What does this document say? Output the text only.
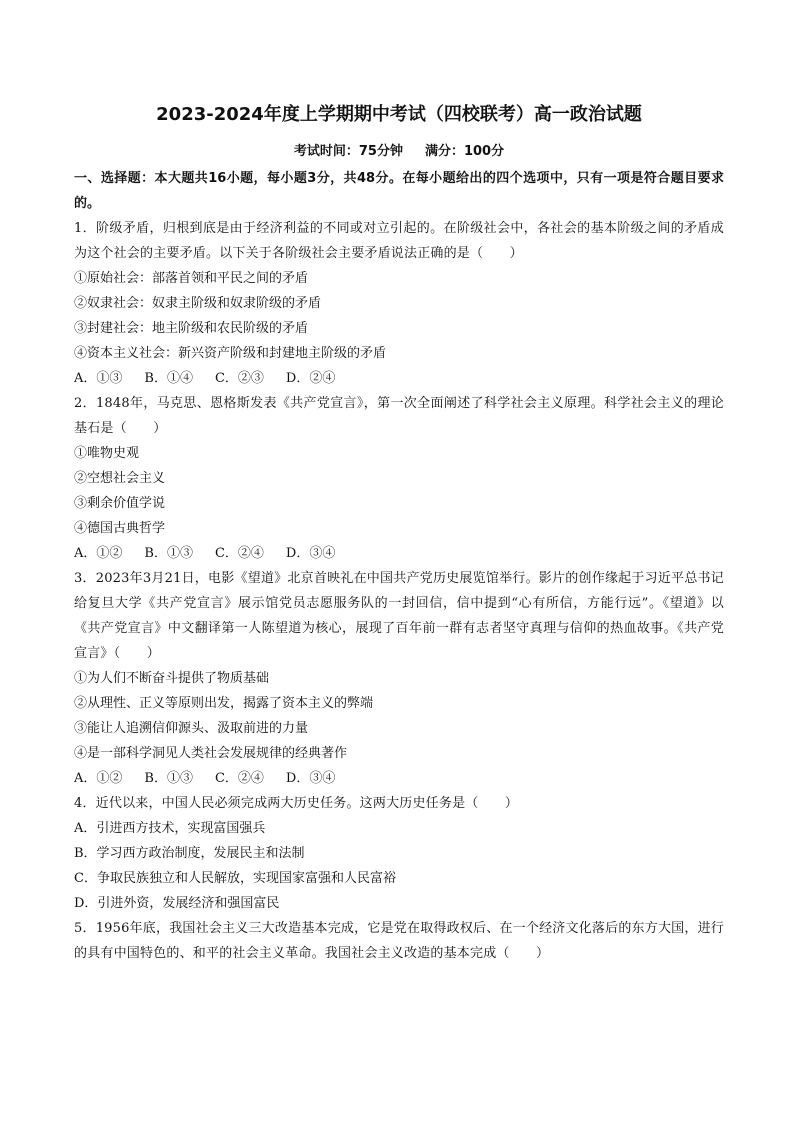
2023-2024年度上学期期中考试（四校联考）高一政治试题
考试时间：75分钟 满分：100分
一、选择题：本大题共16小题，每小题3分，共48分。在每小题给出的四个选项中，只有一项是符合题目要求的。
1．阶级矛盾，归根到底是由于经济利益的不同或对立引起的。在阶级社会中，各社会的基本阶级之间的矛盾成为这个社会的主要矛盾。以下关于各阶级社会主要矛盾说法正确的是（　　）
①原始社会：部落首领和平民之间的矛盾
②奴隶社会：奴隶主阶级和奴隶阶级的矛盾
③封建社会：地主阶级和农民阶级的矛盾
④资本主义社会：新兴资产阶级和封建地主阶级的矛盾
A．①③ B．①④ C．②③ D．②④
2．1848年，马克思、恩格斯发表《共产党宣言》，第一次全面阐述了科学社会主义原理。科学社会主义的理论基石是（　　）
①唯物史观
②空想社会主义
③剩余价值学说
④德国古典哲学
A．①② B．①③ C．②④ D．③④
3．2023年3月21日，电影《望道》北京首映礼在中国共产党历史展览馆举行。影片的创作缘起于习近平总书记给复旦大学《共产党宣言》展示馆党员志愿服务队的一封回信，信中提到“心有所信，方能行远”。《望道》以《共产党宣言》中文翻译第一人陈望道为核心，展现了百年前一群有志者坚守真理与信仰的热血故事。《共产党宣言》（　　）
①为人们不断奋斗提供了物质基础
②从理性、正义等原则出发，揭露了资本主义的弊端
③能让人追溯信仰源头、汲取前进的力量
④是一部科学洞见人类社会发展规律的经典著作
A．①② B．①③ C．②④ D．③④
4．近代以来，中国人民必须完成两大历史任务。这两大历史任务是（　　）
A．引进西方技术，实现富国强兵
B．学习西方政治制度，发展民主和法制
C．争取民族独立和人民解放，实现国家富强和人民富裕
D．引进外资，发展经济和强国富民
5．1956年底，我国社会主义三大改造基本完成，它是党在取得政权后、在一个经济文化落后的东方大国，进行的具有中国特色的、和平的社会主义革命。我国社会主义改造的基本完成（　　）
